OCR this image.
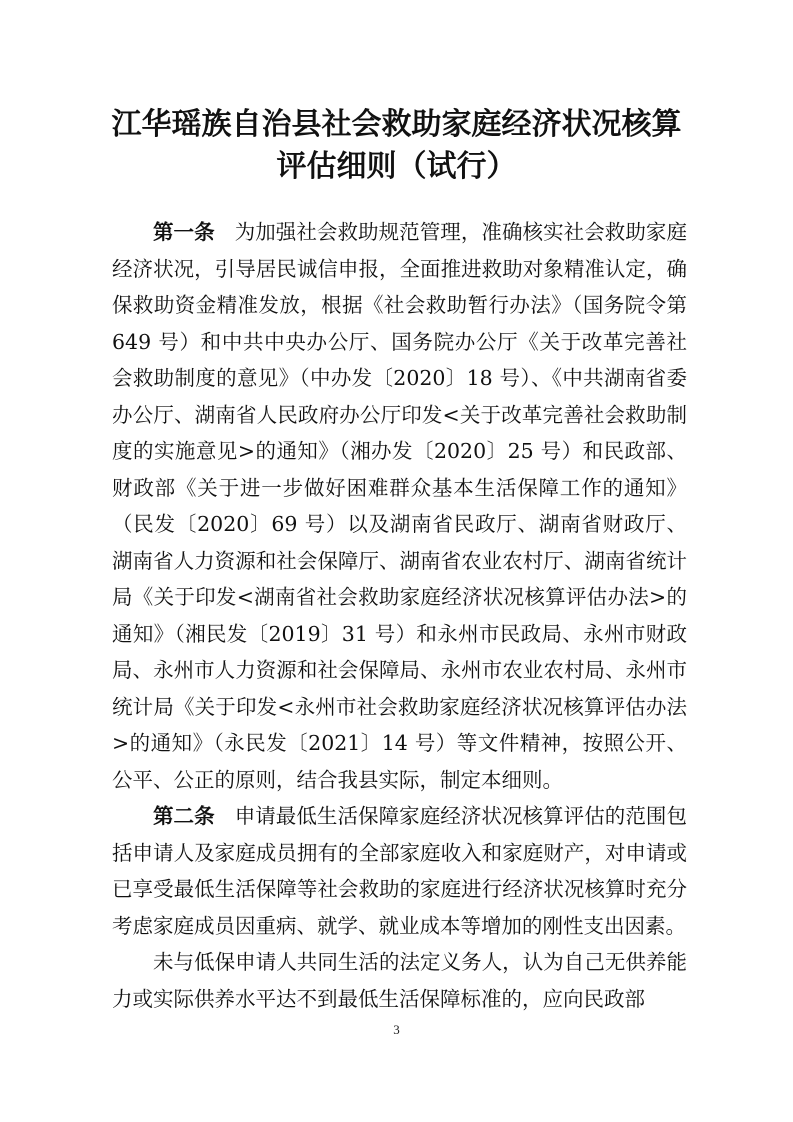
江华瑶族自治县社会救助家庭经济状况核算
评估细则（试行）

第一条 为加强社会救助规范管理，准确核实社会救助家庭经济状况，引导居民诚信申报，全面推进救助对象精准认定，确保救助资金精准发放，根据《社会救助暂行办法》（国务院令第 649 号）和中共中央办公厅、国务院办公厅《关于改革完善社会救助制度的意见》（中办发〔2020〕18 号）、《中共湖南省委办公厅、湖南省人民政府办公厅印发<关于改革完善社会救助制度的实施意见>的通知》（湘办发〔2020〕25 号）和民政部、财政部《关于进一步做好困难群众基本生活保障工作的通知》（民发〔2020〕69 号）以及湖南省民政厅、湖南省财政厅、湖南省人力资源和社会保障厅、湖南省农业农村厅、湖南省统计局《关于印发<湖南省社会救助家庭经济状况核算评估办法>的通知》（湘民发〔2019〕31 号）和永州市民政局、永州市财政局、永州市人力资源和社会保障局、永州市农业农村局、永州市统计局《关于印发<永州市社会救助家庭经济状况核算评估办法>的通知》（永民发〔2021〕14 号）等文件精神，按照公开、公平、公正的原则，结合我县实际，制定本细则。

第二条 申请最低生活保障家庭经济状况核算评估的范围包括申请人及家庭成员拥有的全部家庭收入和家庭财产，对申请或已享受最低生活保障等社会救助的家庭进行经济状况核算时充分考虑家庭成员因重病、就学、就业成本等增加的刚性支出因素。

未与低保申请人共同生活的法定义务人，认为自己无供养能力或实际供养水平达不到最低生活保障标准的，应向民政部

3
